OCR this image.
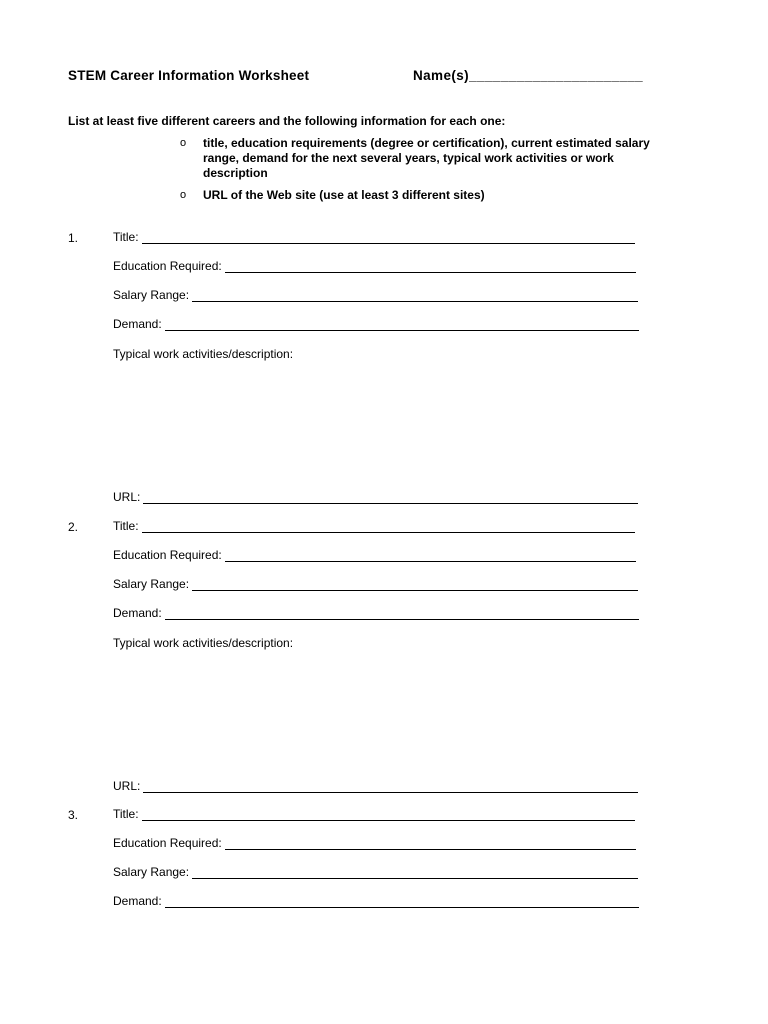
STEM Career Information Worksheet	Name(s)______________________
List at least five different careers and the following information for each one:
o title, education requirements (degree or certification), current estimated salary range, demand for the next several years, typical work activities or work description
o URL of the Web site (use at least 3 different sites)
1.	Title:
Education Required:
Salary Range:
Demand:
Typical work activities/description:
URL:
2.	Title:
Education Required:
Salary Range:
Demand:
Typical work activities/description:
URL:
3.	Title:
Education Required:
Salary Range:
Demand:
